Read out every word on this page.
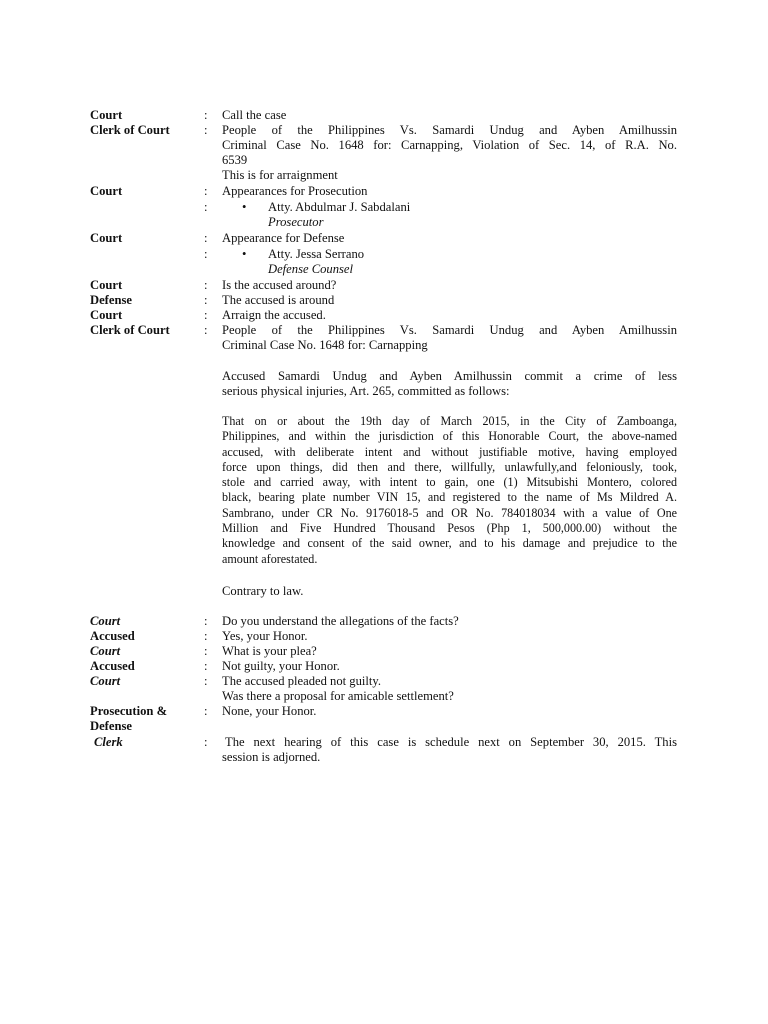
Court	: Call the case
Clerk of Court	: People of the Philippines Vs. Samardi Undug and Ayben Amilhussin
Criminal Case No. 1648 for: Carnapping, Violation of Sec. 14, of R.A. No.
6539
This is for arraignment
Court	: Appearances for Prosecution
:	• Atty. Abdulmar J. Sabdalani
Prosecutor
Court	: Appearance for Defense
:	• Atty. Jessa Serrano
Defense Counsel
Court	: Is the accused around?
Defense	: The accused is around
Court	: Arraign the accused.
Clerk of Court	: People of the Philippines Vs. Samardi Undug and Ayben Amilhussin
Criminal Case No. 1648 for: Carnapping
Accused Samardi Undug and Ayben Amilhussin commit a crime of less
serious physical injuries, Art. 265, committed as follows:
That on or about the 19th day of March 2015, in the City of Zamboanga,
Philippines, and within the jurisdiction of this Honorable Court, the above-named
accused, with deliberate intent and without justifiable motive, having employed
force upon things, did then and there, willfully, unlawfully,and feloniously, took,
stole and carried away, with intent to gain, one (1) Mitsubishi Montero, colored
black, bearing plate number VIN 15, and registered to the name of Ms Mildred A.
Sambrano, under CR No. 9176018-5 and OR No. 784018034 with a value of One
Million and Five Hundred Thousand Pesos (Php 1, 500,000.00) without the
knowledge and consent of the said owner, and to his damage and prejudice to the
amount aforestated.
Contrary to law.
Court	: Do you understand the allegations of the facts?
Accused	: Yes, your Honor.
Court	: What is your plea?
Accused	: Not guilty, your Honor.
Court	: The accused pleaded not guilty.
Was there a proposal for amicable settlement?
Prosecution &
Defense
: None, your Honor.
Clerk	: The next hearing of this case is schedule next on September 30, 2015. This
session is adjorned.
